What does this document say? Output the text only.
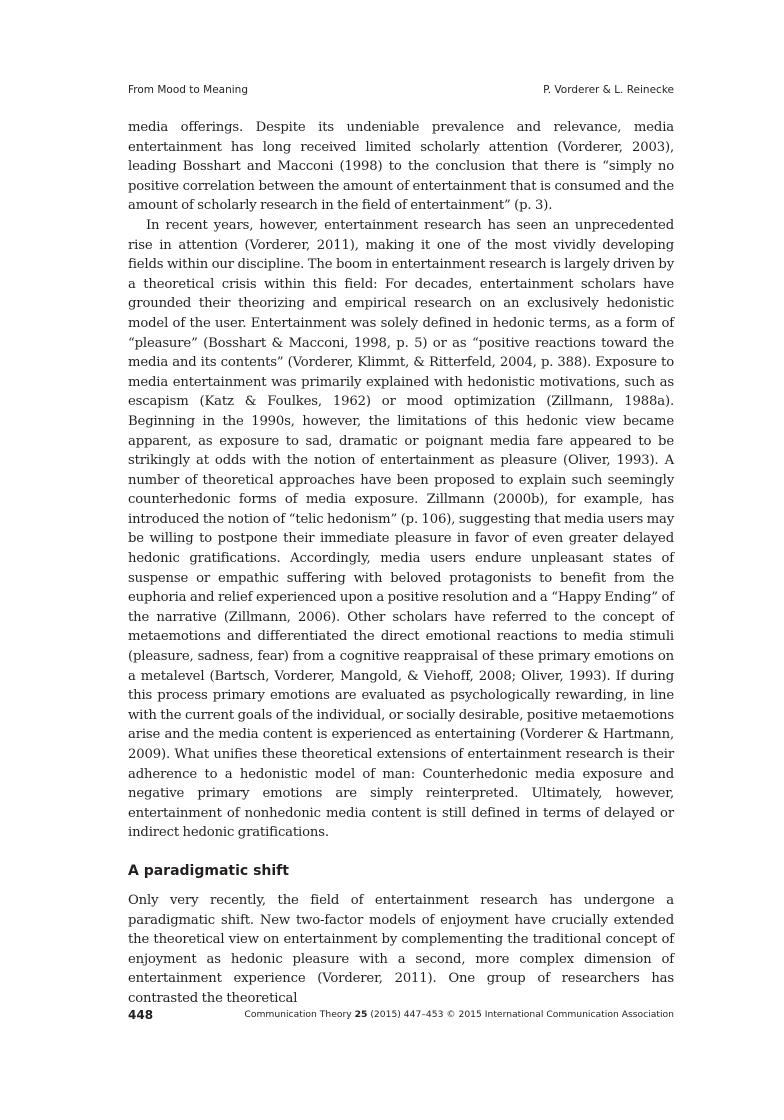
From Mood to Meaning	P. Vorderer & L. Reinecke

media offerings. Despite its undeniable prevalence and relevance, media entertainment has long received limited scholarly attention (Vorderer, 2003), leading Bosshart and Macconi (1998) to the conclusion that there is “simply no positive correlation between the amount of entertainment that is consumed and the amount of scholarly research in the field of entertainment” (p. 3).

In recent years, however, entertainment research has seen an unprecedented rise in attention (Vorderer, 2011), making it one of the most vividly developing fields within our discipline. The boom in entertainment research is largely driven by a theoretical crisis within this field: For decades, entertainment scholars have grounded their theorizing and empirical research on an exclusively hedonistic model of the user. Entertainment was solely defined in hedonic terms, as a form of “pleasure” (Bosshart & Macconi, 1998, p. 5) or as “positive reactions toward the media and its contents” (Vorderer, Klimmt, & Ritterfeld, 2004, p. 388). Exposure to media entertainment was primarily explained with hedonistic motivations, such as escapism (Katz & Foulkes, 1962) or mood optimization (Zillmann, 1988a). Beginning in the 1990s, however, the limitations of this hedonic view became apparent, as exposure to sad, dramatic or poignant media fare appeared to be strikingly at odds with the notion of entertainment as pleasure (Oliver, 1993). A number of theoretical approaches have been proposed to explain such seemingly counterhedonic forms of media exposure. Zillmann (2000b), for example, has introduced the notion of “telic hedonism” (p. 106), suggesting that media users may be willing to postpone their immediate pleasure in favor of even greater delayed hedonic gratifications. Accordingly, media users endure unpleasant states of suspense or empathic suffering with beloved protagonists to benefit from the euphoria and relief experienced upon a positive resolution and a “Happy Ending” of the narrative (Zillmann, 2006). Other scholars have referred to the concept of metaemotions and differentiated the direct emotional reactions to media stimuli (pleasure, sadness, fear) from a cognitive reappraisal of these primary emotions on a metalevel (Bartsch, Vorderer, Mangold, & Viehoff, 2008; Oliver, 1993). If during this process primary emotions are evaluated as psychologically rewarding, in line with the current goals of the individual, or socially desirable, positive metaemotions arise and the media content is experienced as entertaining (Vorderer & Hartmann, 2009). What unifies these theoretical extensions of entertainment research is their adherence to a hedonistic model of man: Counterhedonic media exposure and negative primary emotions are simply reinterpreted. Ultimately, however, entertainment of nonhedonic media content is still defined in terms of delayed or indirect hedonic gratifications.

A paradigmatic shift

Only very recently, the field of entertainment research has undergone a paradigmatic shift. New two-factor models of enjoyment have crucially extended the theoretical view on entertainment by complementing the traditional concept of enjoyment as hedonic pleasure with a second, more complex dimension of entertainment experience (Vorderer, 2011). One group of researchers has contrasted the theoretical

448	Communication Theory 25 (2015) 447–453 © 2015 International Communication Association
